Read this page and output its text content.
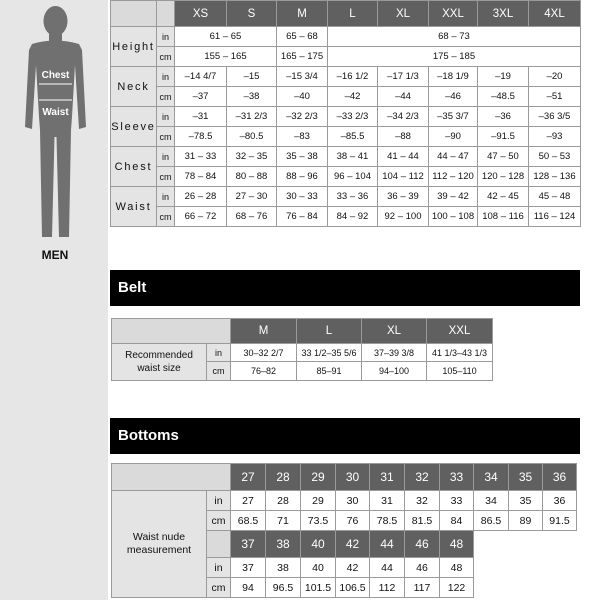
Chest
Waist
MEN
		XS	S	M	L	XL	XXL	3XL	4XL
Height	in	61 – 65		65 – 68	68 – 73				
	cm	155 – 165		165 – 175	175 – 185				
Neck	in	–14 4/7	–15	–15 3/4	–16 1/2	–17 1/3	–18 1/9	–19	–20
	cm	–37	–38	–40	–42	–44	–46	–48.5	–51
Sleeve	in	–31	–31 2/3	–32 2/3	–33 2/3	–34 2/3	–35 3/7	–36	–36 3/5
	cm	–78.5	–80.5	–83	–85.5	–88	–90	–91.5	–93
Chest	in	31 – 33	32 – 35	35 – 38	38 – 41	41 – 44	44 – 47	47 – 50	50 – 53
	cm	78 – 84	80 – 88	88 – 96	96 – 104	104 – 112	112 – 120	120 – 128	128 – 136
Waist	in	26 – 28	27 – 30	30 – 33	33 – 36	36 – 39	39 – 42	42 – 45	45 – 48
	cm	66 – 72	68 – 76	76 – 84	84 – 92	92 – 100	100 – 108	108 – 116	116 – 124
Belt
		M	L	XL	XXL
Recommended waist size	in	30–32 2/7	33 1/2–35 5/6	37–39 3/8	41 1/3–43 1/3
	cm	76–82	85–91	94–100	105–110
Bottoms
		27	28	29	30	31	32	33	34	35	36
Waist nude measurement	in	27	28	29	30	31	32	33	34	35	36
	cm	68.5	71	73.5	76	78.5	81.5	84	86.5	89	91.5
		37	38	40	42	44	46	48			
	in	37	38	40	42	44	46	48			
	cm	94	96.5	101.5	106.5	112	117	122			
